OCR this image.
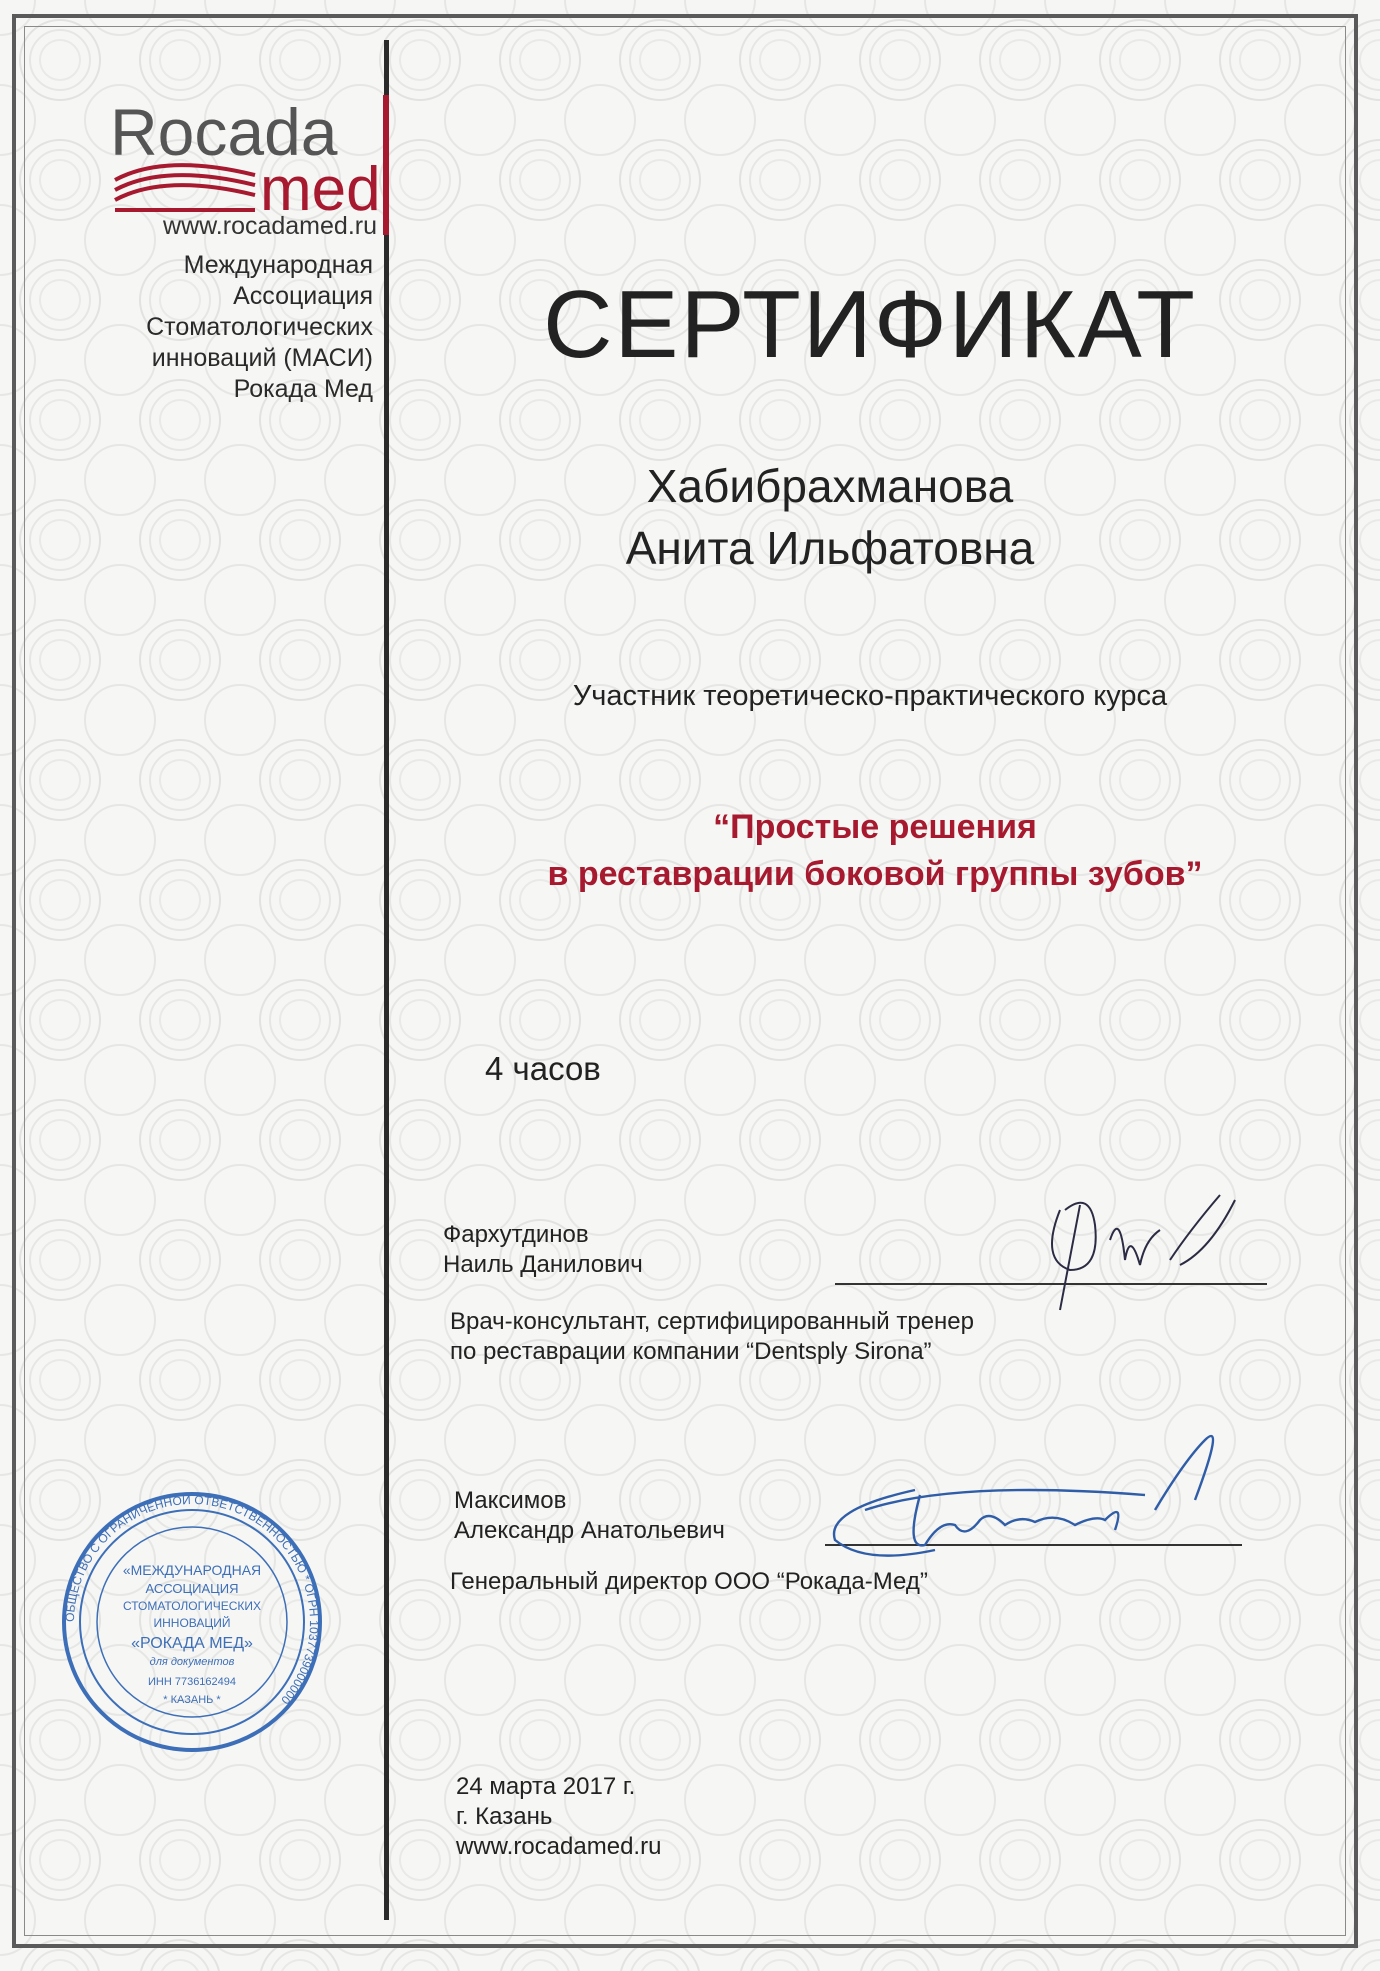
Rocada
med
www.rocadamed.ru
Международная
Ассоциация
Стоматологических
инноваций (МАСИ)
Рокада Мед
СЕРТИФИКАТ
Хабибрахманова
Анита Ильфатовна
Участник теоретическо-практического курса
“Простые решения
в реставрации боковой группы зубов”
4 часов
Фархутдинов
Наиль Данилович
Врач-консультант, сертифицированный тренер
по реставрации компании “Dentsply Sirona”
Максимов
Александр Анатольевич
Генеральный директор ООО “Рокада-Мед”
ОБЩЕСТВО С ОГРАНИЧЕННОЙ ОТВЕТСТВЕННОСТЬЮ * ОГРН 1037739000000
«МЕЖДУНАРОДНАЯ
АССОЦИАЦИЯ
СТОМАТОЛОГИЧЕСКИХ
ИННОВАЦИЙ
«РОКАДА МЕД»
для документов
ИНН 7736162494
* КАЗАНЬ *
24 марта 2017 г.
г. Казань
www.rocadamed.ru
